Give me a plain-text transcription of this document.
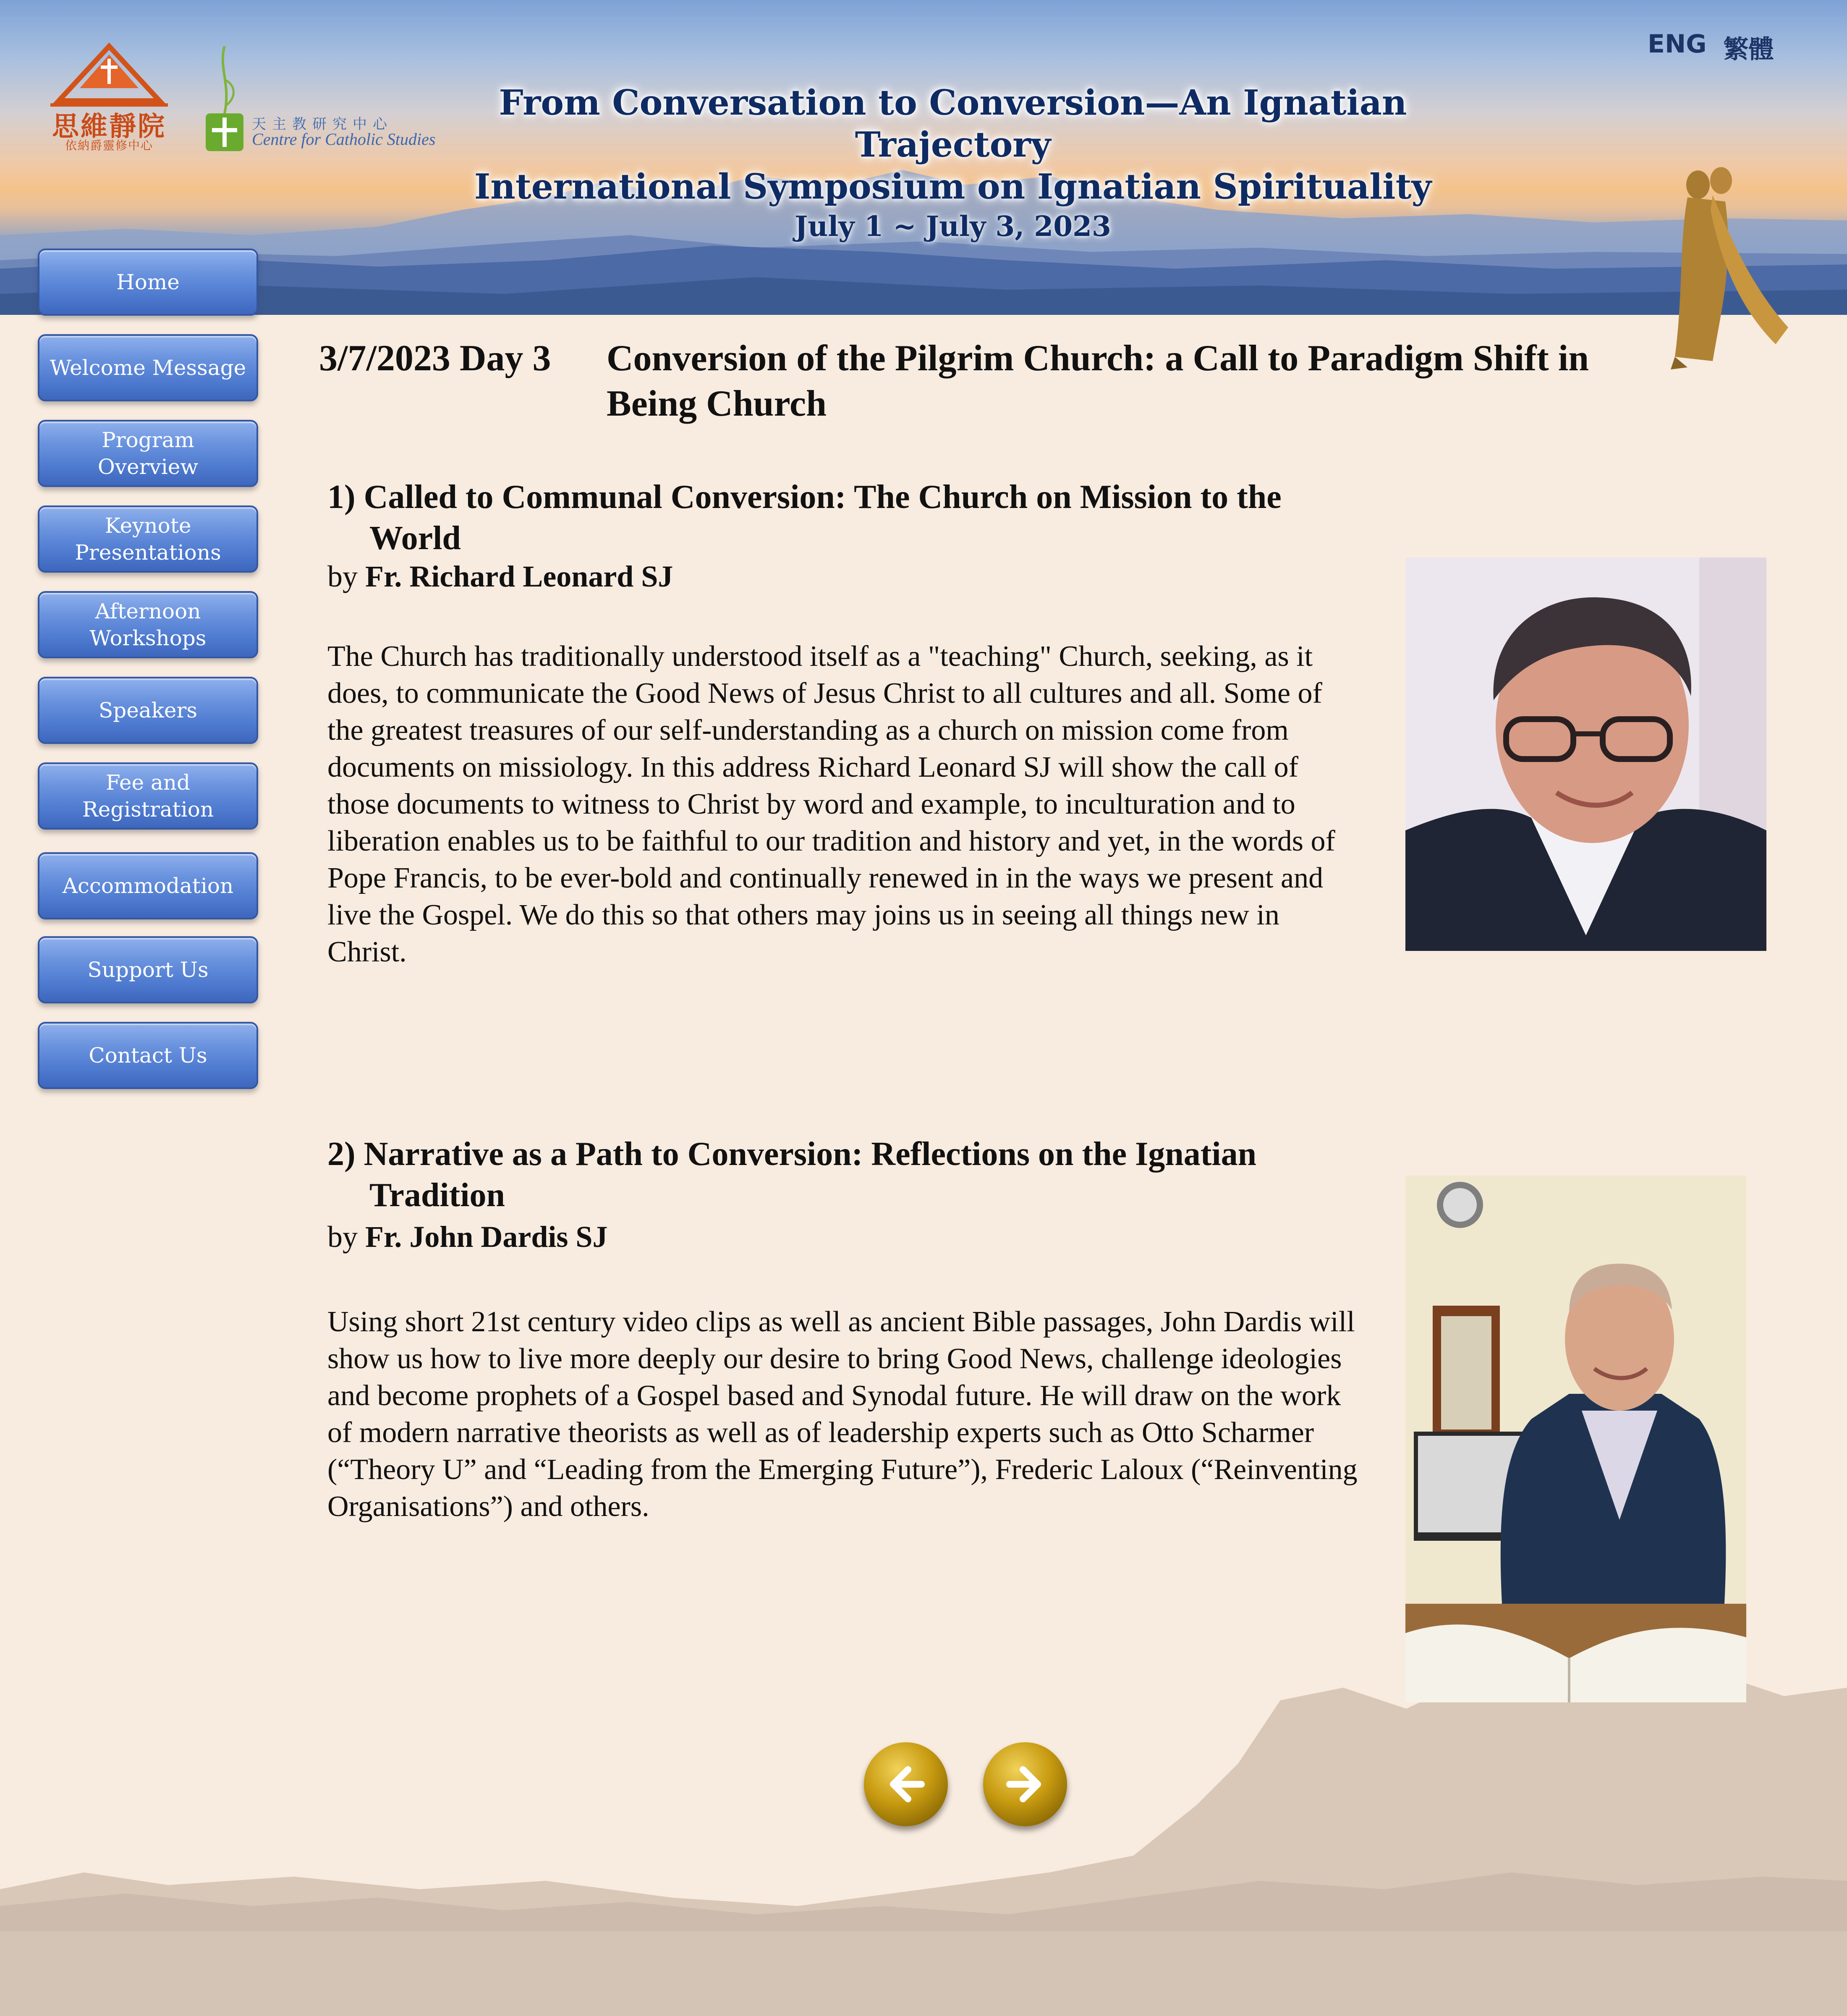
ENG 繁體
思維靜院
依納爵靈修中心
天主教研究中心
Centre for Catholic Studies
From Conversation to Conversion—An Ignatian Trajectory
International Symposium on Ignatian Spirituality
July 1 ~ July 3, 2023
Home
Welcome Message
Program Overview
Keynote Presentations
Afternoon Workshops
Speakers
Fee and Registration
Accommodation
Support Us
Contact Us
3/7/2023 Day 3 Conversion of the Pilgrim Church: a Call to Paradigm Shift in Being Church
1) Called to Communal Conversion: The Church on Mission to the World
by Fr. Richard Leonard SJ
The Church has traditionally understood itself as a "teaching" Church, seeking, as it does, to communicate the Good News of Jesus Christ to all cultures and all. Some of the greatest treasures of our self-understanding as a church on mission come from documents on missiology. In this address Richard Leonard SJ will show the call of those documents to witness to Christ by word and example, to inculturation and to liberation enables us to be faithful to our tradition and history and yet, in the words of Pope Francis, to be ever-bold and continually renewed in in the ways we present and live the Gospel. We do this so that others may joins us in seeing all things new in Christ.
2) Narrative as a Path to Conversion: Reflections on the Ignatian Tradition
by Fr. John Dardis SJ
Using short 21st century video clips as well as ancient Bible passages, John Dardis will show us how to live more deeply our desire to bring Good News, challenge ideologies and become prophets of a Gospel based and Synodal future. He will draw on the work of modern narrative theorists as well as of leadership experts such as Otto Scharmer (“Theory U” and “Leading from the Emerging Future”), Frederic Laloux (“Reinventing Organisations”) and others.
